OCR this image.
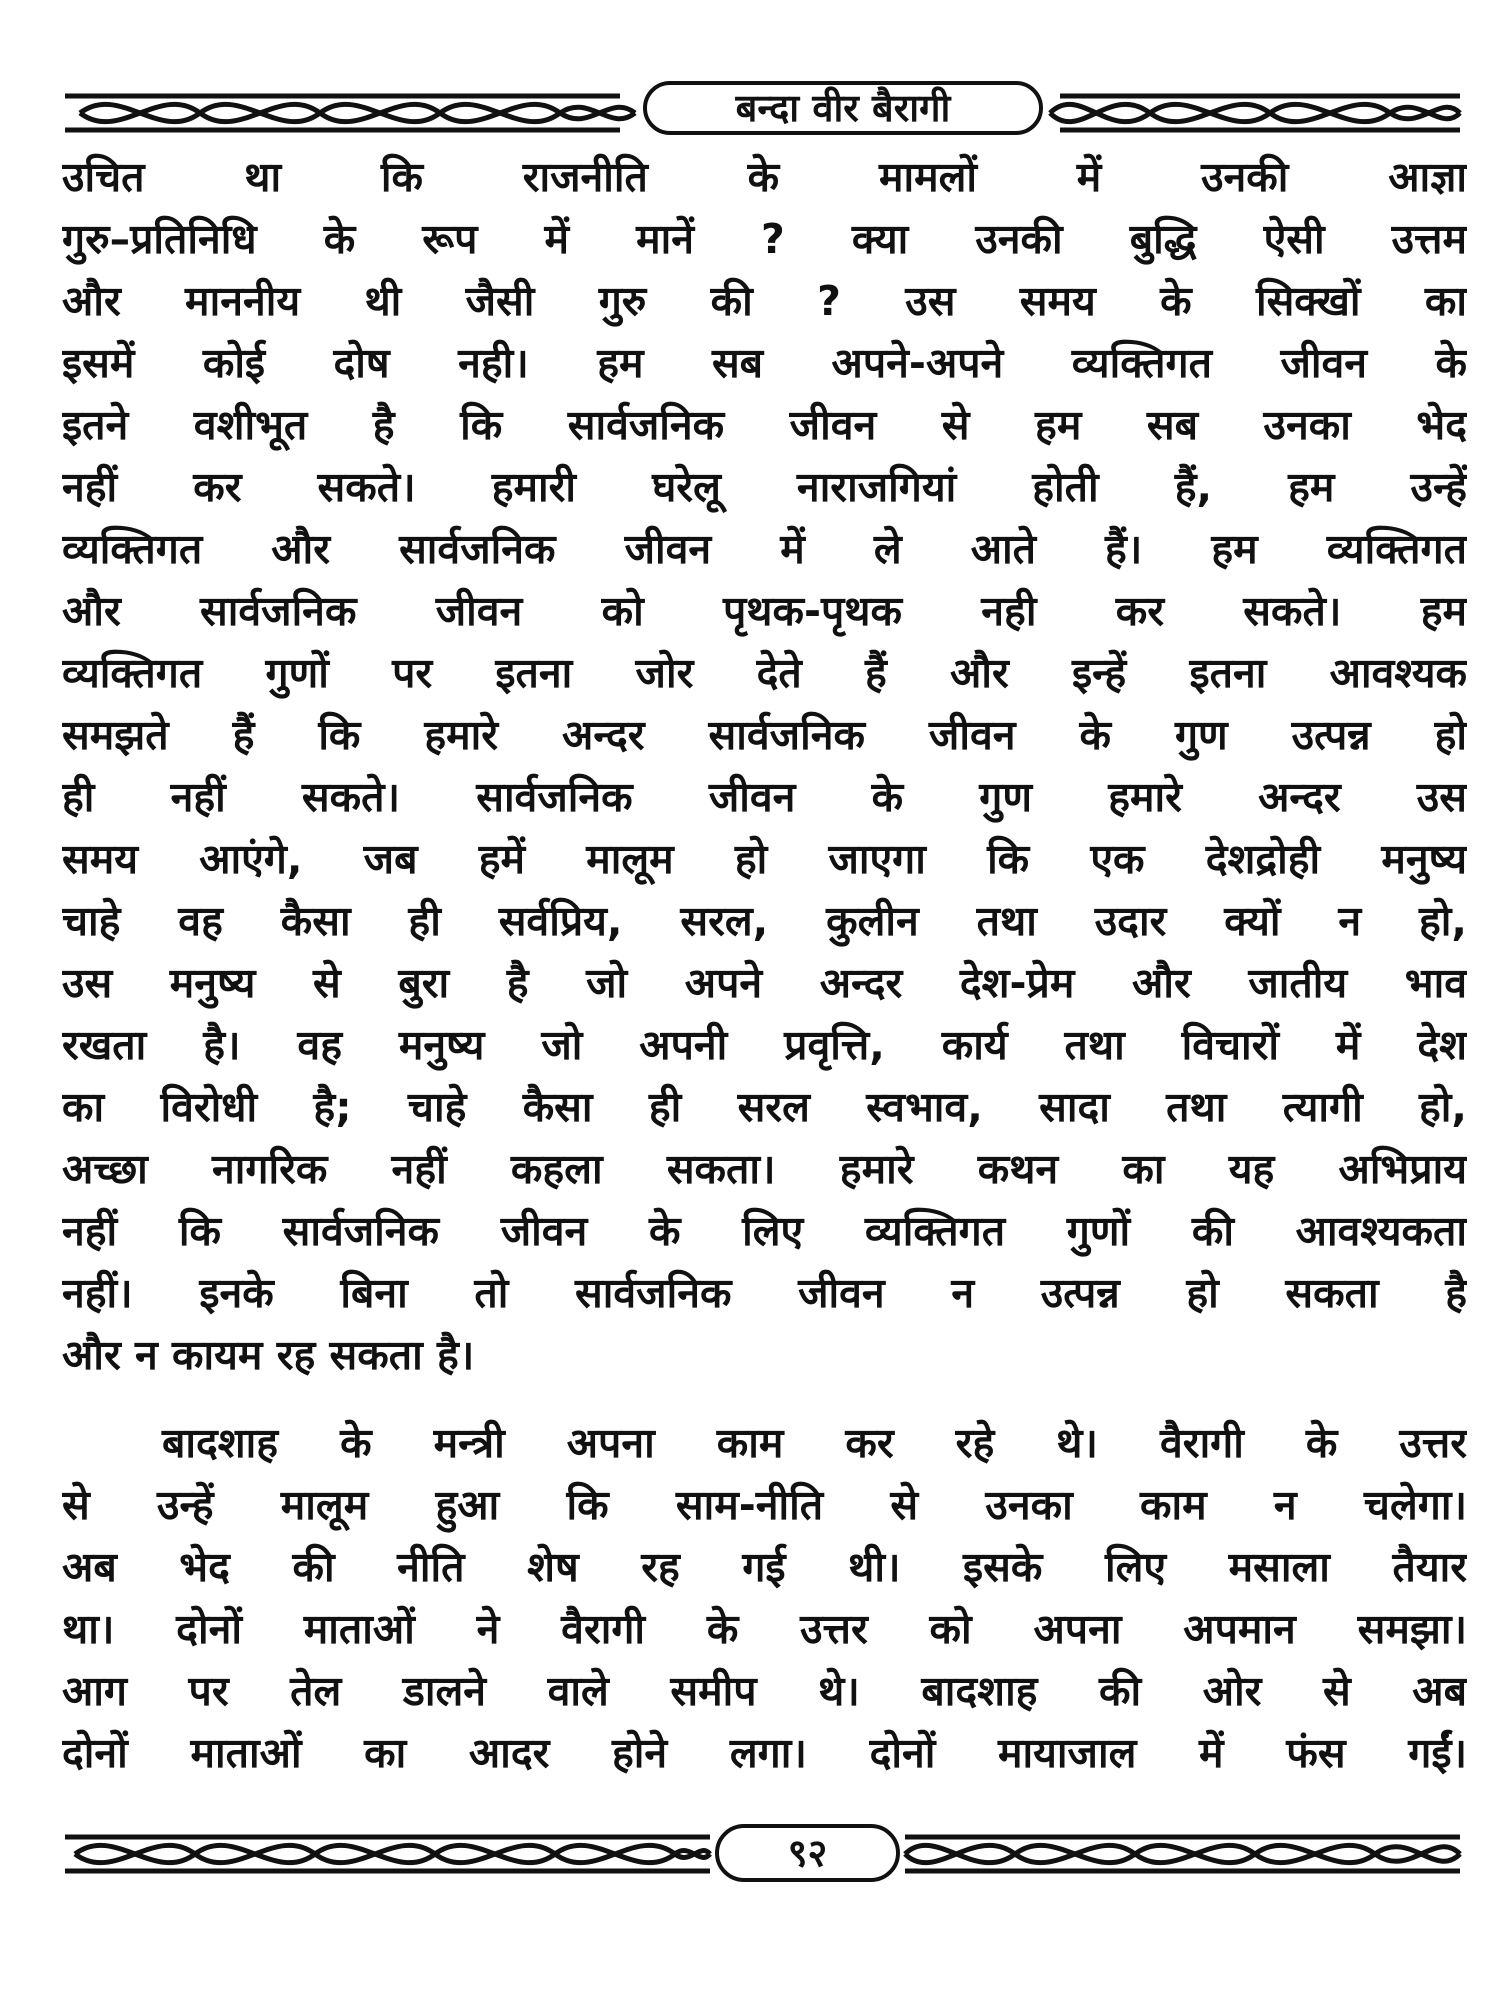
बन्दा वीर बैरागी
उचित था कि राजनीति के मामलों में उनकी आज्ञा
गुरु–प्रतिनिधि के रूप में मानें ? क्या उनकी बुद्धि ऐसी उत्तम
और माननीय थी जैसी गुरु की ? उस समय के सिक्खों का
इसमें कोई दोष नही। हम सब अपने-अपने व्यक्तिगत जीवन के
इतने वशीभूत है कि सार्वजनिक जीवन से हम सब उनका भेद
नहीं कर सकते। हमारी घरेलू नाराजगियां होती हैं, हम उन्हें
व्यक्तिगत और सार्वजनिक जीवन में ले आते हैं। हम व्यक्तिगत
और सार्वजनिक जीवन को पृथक-पृथक नही कर सकते। हम
व्यक्तिगत गुणों पर इतना जोर देते हैं और इन्हें इतना आवश्यक
समझते हैं कि हमारे अन्दर सार्वजनिक जीवन के गुण उत्पन्न हो
ही नहीं सकते। सार्वजनिक जीवन के गुण हमारे अन्दर उस
समय आएंगे, जब हमें मालूम हो जाएगा कि एक देशद्रोही मनुष्य
चाहे वह कैसा ही सर्वप्रिय, सरल, कुलीन तथा उदार क्यों न हो,
उस मनुष्य से बुरा है जो अपने अन्दर देश-प्रेम और जातीय भाव
रखता है। वह मनुष्य जो अपनी प्रवृत्ति, कार्य तथा विचारों में देश
का विरोधी है; चाहे कैसा ही सरल स्वभाव, सादा तथा त्यागी हो,
अच्छा नागरिक नहीं कहला सकता। हमारे कथन का यह अभिप्राय
नहीं कि सार्वजनिक जीवन के लिए व्यक्तिगत गुणों की आवश्यकता
नहीं। इनके बिना तो सार्वजनिक जीवन न उत्पन्न हो सकता है
और न कायम रह सकता है।
बादशाह के मन्त्री अपना काम कर रहे थे। वैरागी के उत्तर
से उन्हें मालूम हुआ कि साम-नीति से उनका काम न चलेगा।
अब भेद की नीति शेष रह गई थी। इसके लिए मसाला तैयार
था। दोनों माताओं ने वैरागी के उत्तर को अपना अपमान समझा।
आग पर तेल डालने वाले समीप थे। बादशाह की ओर से अब
दोनों माताओं का आदर होने लगा। दोनों मायाजाल में फंस गईं।
९२
